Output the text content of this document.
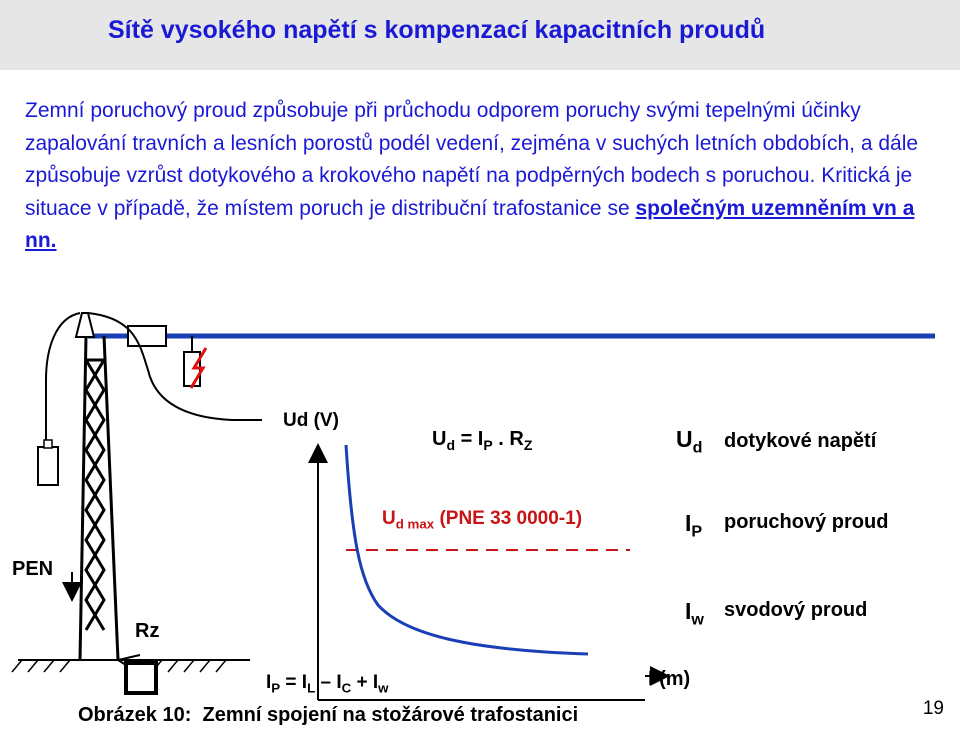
Sítě vysokého napětí s kompenzací kapacitních proudů

Zemní poruchový proud způsobuje při průchodu odporem poruchy svými tepelnými účinky zapalování travních a lesních porostů podél vedení, zejména v suchých letních obdobích, a dále způsobuje vzrůst dotykového a krokového napětí na podpěrných bodech s poruchou. Kritická je situace v případě, že místem poruch je distribuční trafostanice se společným uzemněním vn a nn.

PEN
Rz
Ud (V)
I (m)
$U_d = I_P$ . $R_Z$
$U_{d max}$ (PNE 33 0000-1)
$I_P = I_L - I_C + I_w$
$U_d$ dotykové napětí
$I_P$ poruchový proud
$I_w$ svodový proud
Obrázek 10: Zemní spojení na stožárové trafostanici	19
